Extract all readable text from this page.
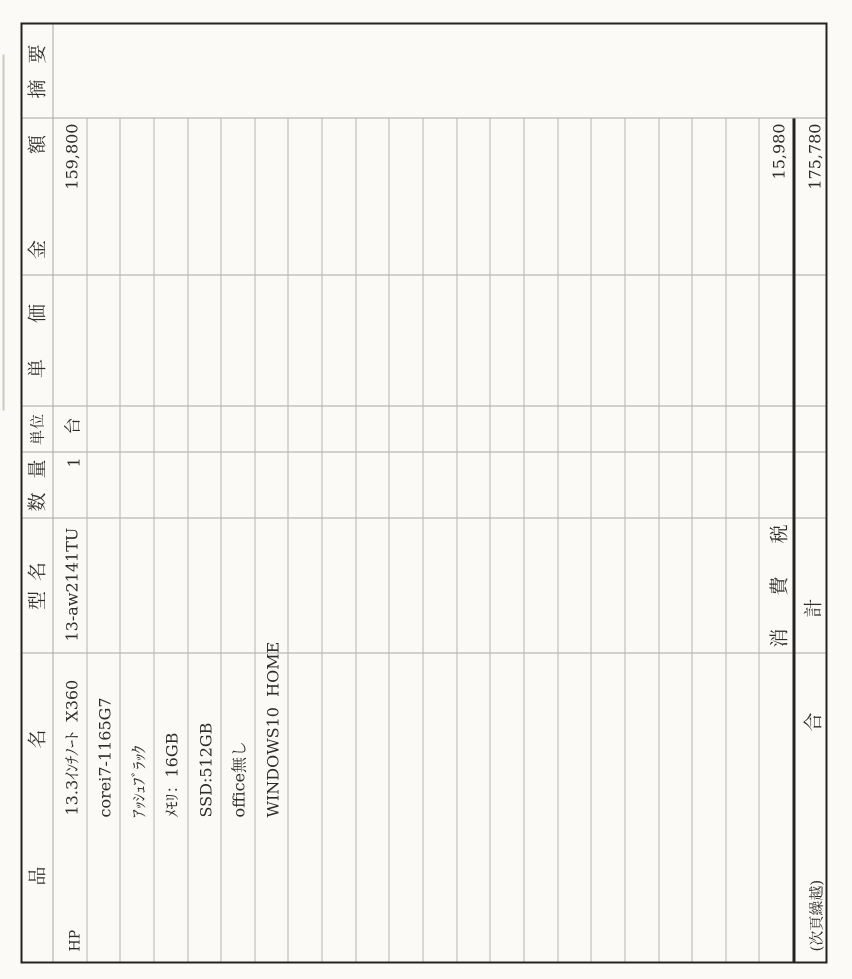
品
名
型
名
数
量
単
位
単
価
金
額
摘
要
HP
13.3ｲﾝﾁﾉｰﾄ  X360
13-aw2141TU
1
台
159,800
corei7-1165G7 ｱｯｼｭﾌﾞﾗｯｸ ﾒﾓﾘ：16GB SSD:512GB office無し WINDOWS10  HOME
消
費
税
15,980
(次頁繰越)
合
計
175,780
